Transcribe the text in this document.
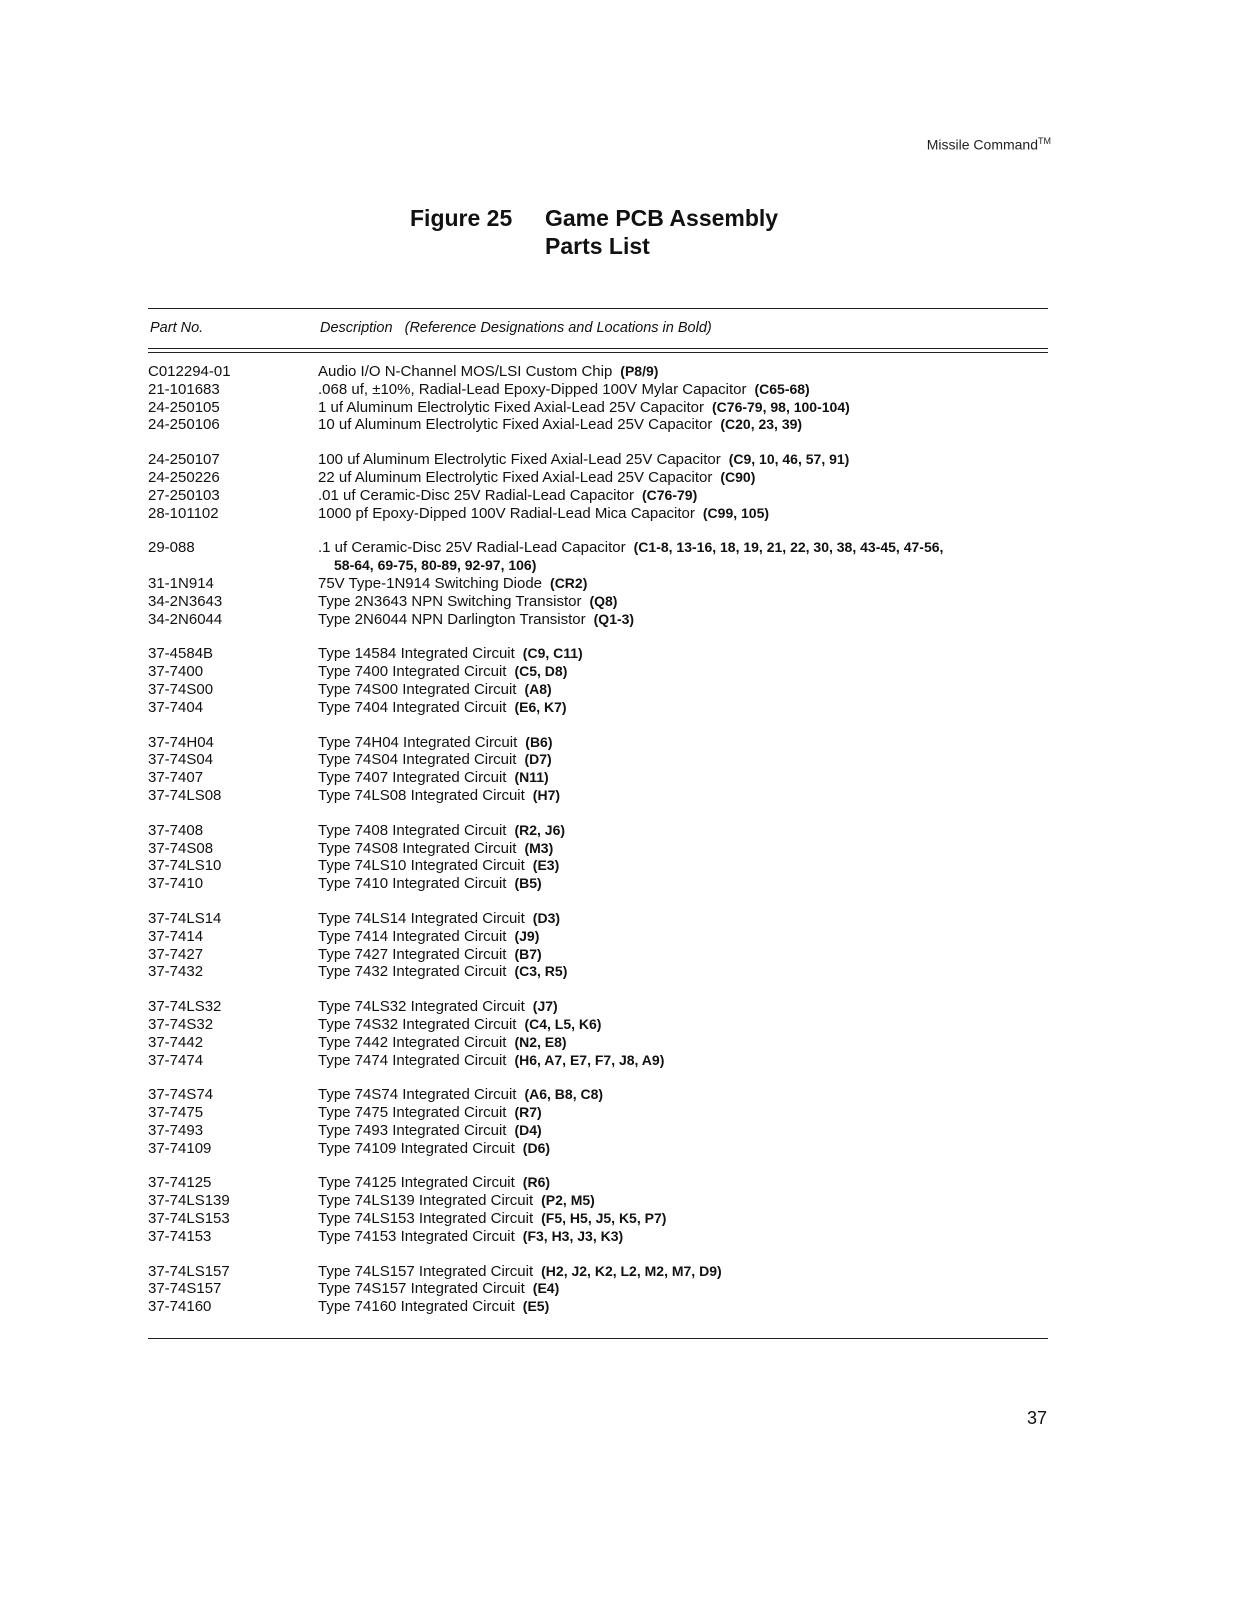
Missile Command™
Figure 25 Game PCB Assembly
Parts List
Part No.	Description (Reference Designations and Locations in Bold)
C012294-01	Audio I/O N-Channel MOS/LSI Custom Chip (P8/9)
21-101683	.068 uf, ±10%, Radial-Lead Epoxy-Dipped 100V Mylar Capacitor (C65-68)
24-250105	1 uf Aluminum Electrolytic Fixed Axial-Lead 25V Capacitor (C76-79, 98, 100-104)
24-250106	10 uf Aluminum Electrolytic Fixed Axial-Lead 25V Capacitor (C20, 23, 39)
24-250107	100 uf Aluminum Electrolytic Fixed Axial-Lead 25V Capacitor (C9, 10, 46, 57, 91)
24-250226	22 uf Aluminum Electrolytic Fixed Axial-Lead 25V Capacitor (C90)
27-250103	.01 uf Ceramic-Disc 25V Radial-Lead Capacitor (C76-79)
28-101102	1000 pf Epoxy-Dipped 100V Radial-Lead Mica Capacitor (C99, 105)
29-088	.1 uf Ceramic-Disc 25V Radial-Lead Capacitor (C1-8, 13-16, 18, 19, 21, 22, 30, 38, 43-45, 47-56,
58-64, 69-75, 80-89, 92-97, 106)
31-1N914	75V Type-1N914 Switching Diode (CR2)
34-2N3643	Type 2N3643 NPN Switching Transistor (Q8)
34-2N6044	Type 2N6044 NPN Darlington Transistor (Q1-3)
37-4584B	Type 14584 Integrated Circuit (C9, C11)
37-7400	Type 7400 Integrated Circuit (C5, D8)
37-74S00	Type 74S00 Integrated Circuit (A8)
37-7404	Type 7404 Integrated Circuit (E6, K7)
37-74H04	Type 74H04 Integrated Circuit (B6)
37-74S04	Type 74S04 Integrated Circuit (D7)
37-7407	Type 7407 Integrated Circuit (N11)
37-74LS08	Type 74LS08 Integrated Circuit (H7)
37-7408	Type 7408 Integrated Circuit (R2, J6)
37-74S08	Type 74S08 Integrated Circuit (M3)
37-74LS10	Type 74LS10 Integrated Circuit (E3)
37-7410	Type 7410 Integrated Circuit (B5)
37-74LS14	Type 74LS14 Integrated Circuit (D3)
37-7414	Type 7414 Integrated Circuit (J9)
37-7427	Type 7427 Integrated Circuit (B7)
37-7432	Type 7432 Integrated Circuit (C3, R5)
37-74LS32	Type 74LS32 Integrated Circuit (J7)
37-74S32	Type 74S32 Integrated Circuit (C4, L5, K6)
37-7442	Type 7442 Integrated Circuit (N2, E8)
37-7474	Type 7474 Integrated Circuit (H6, A7, E7, F7, J8, A9)
37-74S74	Type 74S74 Integrated Circuit (A6, B8, C8)
37-7475	Type 7475 Integrated Circuit (R7)
37-7493	Type 7493 Integrated Circuit (D4)
37-74109	Type 74109 Integrated Circuit (D6)
37-74125	Type 74125 Integrated Circuit (R6)
37-74LS139	Type 74LS139 Integrated Circuit (P2, M5)
37-74LS153	Type 74LS153 Integrated Circuit (F5, H5, J5, K5, P7)
37-74153	Type 74153 Integrated Circuit (F3, H3, J3, K3)
37-74LS157	Type 74LS157 Integrated Circuit (H2, J2, K2, L2, M2, M7, D9)
37-74S157	Type 74S157 Integrated Circuit (E4)
37-74160	Type 74160 Integrated Circuit (E5)
37
